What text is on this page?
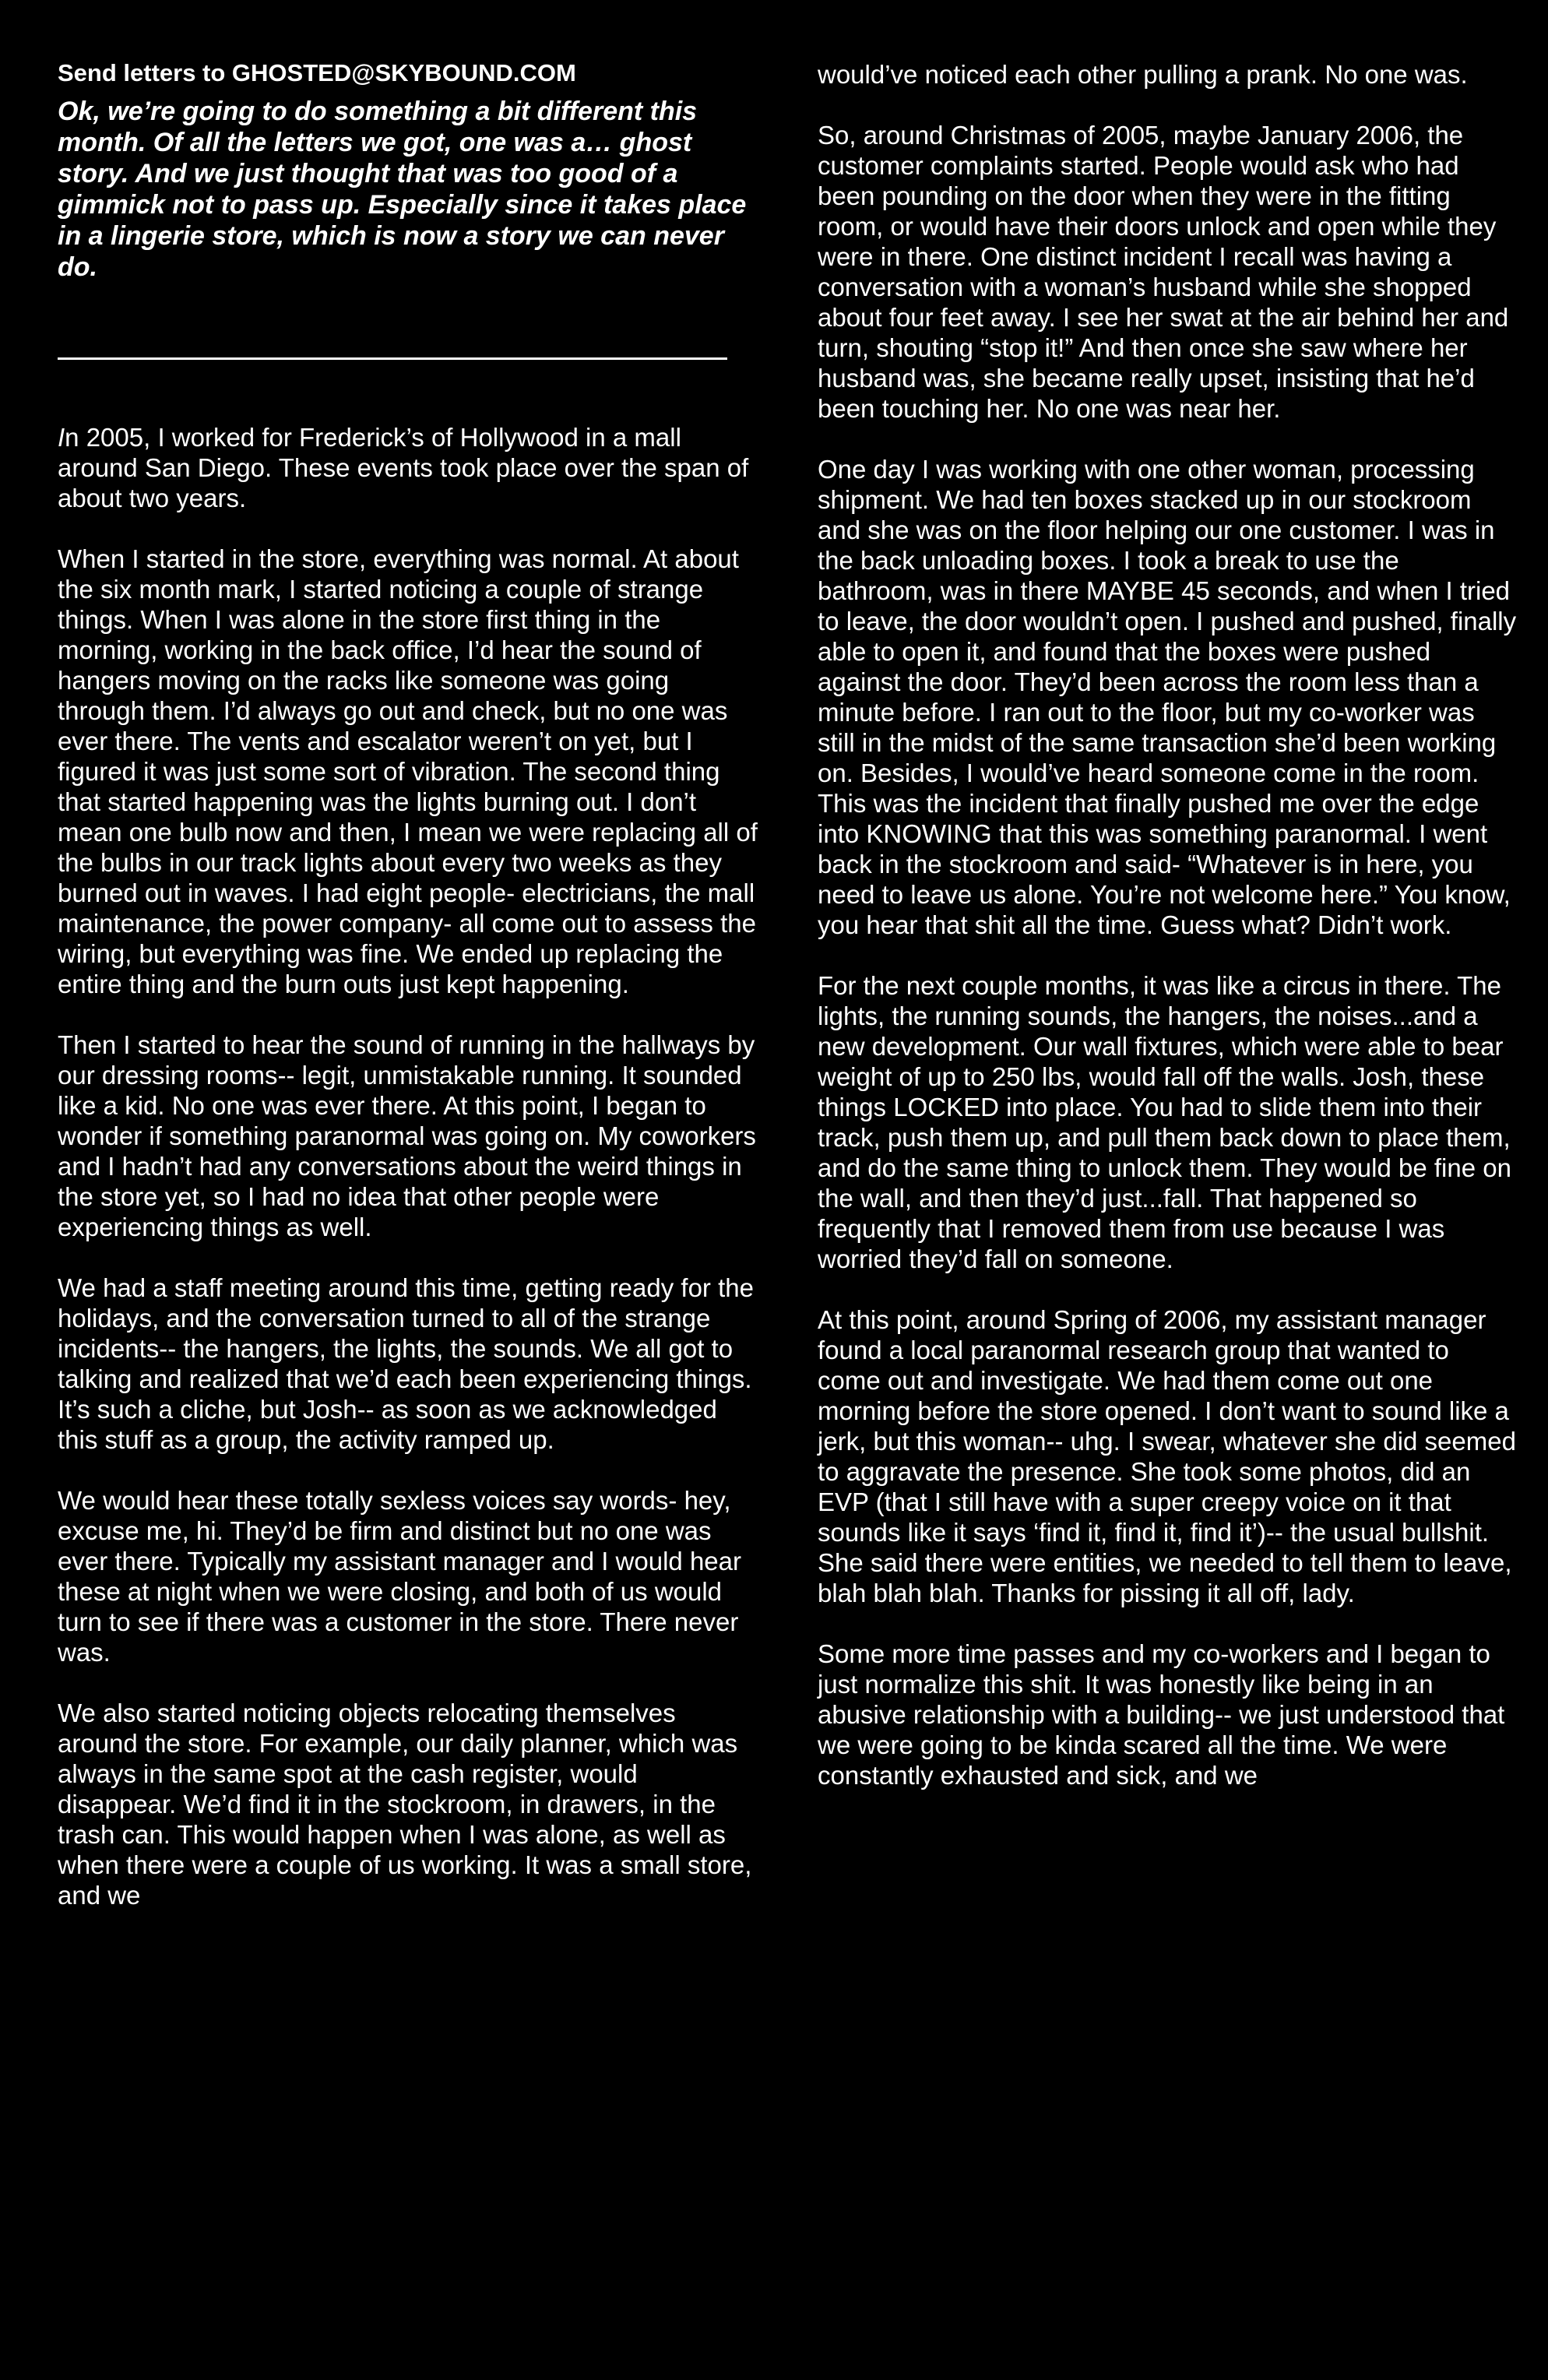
Send letters to GHOSTED@SKYBOUND.COM

Ok, we’re going to do something a bit different this month. Of all the letters we got, one was a… ghost story. And we just thought that was too good of a gimmick not to pass up. Especially since it takes place in a lingerie store, which is now a story we can never do.

In 2005, I worked for Frederick’s of Hollywood in a mall around San Diego. These events took place over the span of about two years.

When I started in the store, everything was normal. At about the six month mark, I started noticing a couple of strange things. When I was alone in the store first thing in the morning, working in the back office, I’d hear the sound of hangers moving on the racks like someone was going through them. I’d always go out and check, but no one was ever there. The vents and escalator weren’t on yet, but I figured it was just some sort of vibration. The second thing that started happening was the lights burning out. I don’t mean one bulb now and then, I mean we were replacing all of the bulbs in our track lights about every two weeks as they burned out in waves. I had eight people- electricians, the mall maintenance, the power company- all come out to assess the wiring, but everything was fine. We ended up replacing the entire thing and the burn outs just kept happening.

Then I started to hear the sound of running in the hallways by our dressing rooms-- legit, unmistakable running. It sounded like a kid. No one was ever there. At this point, I began to wonder if something paranormal was going on. My coworkers and I hadn’t had any conversations about the weird things in the store yet, so I had no idea that other people were experiencing things as well.

We had a staff meeting around this time, getting ready for the holidays, and the conversation turned to all of the strange incidents-- the hangers, the lights, the sounds. We all got to talking and realized that we’d each been experiencing things. It’s such a cliche, but Josh-- as soon as we acknowledged this stuff as a group, the activity ramped up.

We would hear these totally sexless voices say words- hey, excuse me, hi. They’d be firm and distinct but no one was ever there. Typically my assistant manager and I would hear these at night when we were closing, and both of us would turn to see if there was a customer in the store. There never was.

We also started noticing objects relocating themselves around the store. For example, our daily planner, which was always in the same spot at the cash register, would disappear. We’d find it in the stockroom, in drawers, in the trash can. This would happen when I was alone, as well as when there were a couple of us working. It was a small store, and we

would’ve noticed each other pulling a prank. No one was.

So, around Christmas of 2005, maybe January 2006, the customer complaints started. People would ask who had been pounding on the door when they were in the fitting room, or would have their doors unlock and open while they were in there. One distinct incident I recall was having a conversation with a woman’s husband while she shopped about four feet away. I see her swat at the air behind her and turn, shouting “stop it!” And then once she saw where her husband was, she became really upset, insisting that he’d been touching her. No one was near her.

One day I was working with one other woman, processing shipment. We had ten boxes stacked up in our stockroom and she was on the floor helping our one customer. I was in the back unloading boxes. I took a break to use the bathroom, was in there MAYBE 45 seconds, and when I tried to leave, the door wouldn’t open. I pushed and pushed, finally able to open it, and found that the boxes were pushed against the door. They’d been across the room less than a minute before. I ran out to the floor, but my co-worker was still in the midst of the same transaction she’d been working on. Besides, I would’ve heard someone come in the room. This was the incident that finally pushed me over the edge into KNOWING that this was something paranormal. I went back in the stockroom and said- “Whatever is in here, you need to leave us alone. You’re not welcome here.” You know, you hear that shit all the time. Guess what? Didn’t work.

For the next couple months, it was like a circus in there. The lights, the running sounds, the hangers, the noises...and a new development. Our wall fixtures, which were able to bear weight of up to 250 lbs, would fall off the walls. Josh, these things LOCKED into place. You had to slide them into their track, push them up, and pull them back down to place them, and do the same thing to unlock them. They would be fine on the wall, and then they’d just...fall. That happened so frequently that I removed them from use because I was worried they’d fall on someone.

At this point, around Spring of 2006, my assistant manager found a local paranormal research group that wanted to come out and investigate. We had them come out one morning before the store opened. I don’t want to sound like a jerk, but this woman-- uhg. I swear, whatever she did seemed to aggravate the presence. She took some photos, did an EVP (that I still have with a super creepy voice on it that sounds like it says ‘find it, find it, find it’)-- the usual bullshit. She said there were entities, we needed to tell them to leave, blah blah blah. Thanks for pissing it all off, lady.

Some more time passes and my co-workers and I began to just normalize this shit. It was honestly like being in an abusive relationship with a building-- we just understood that we were going to be kinda scared all the time. We were constantly exhausted and sick, and we
